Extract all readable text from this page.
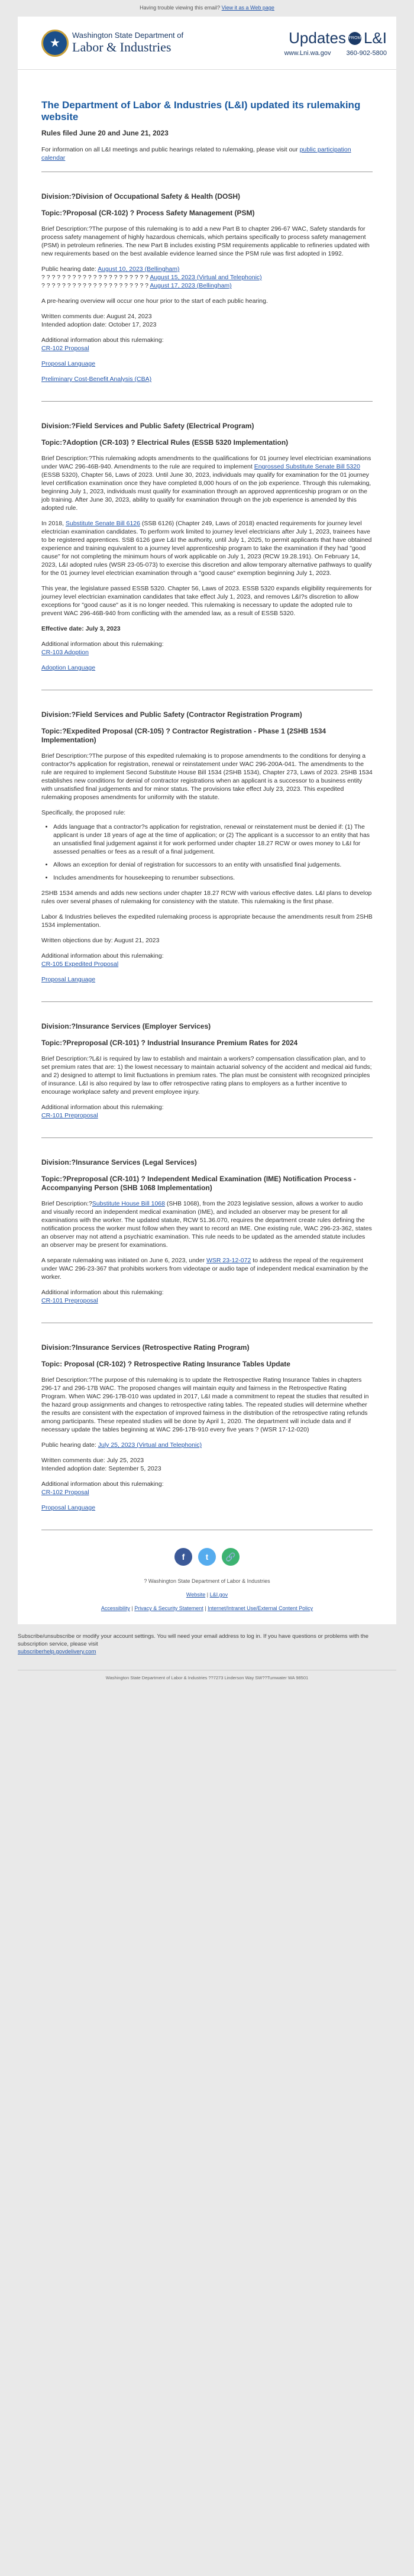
Having trouble viewing this email? View it as a Web page
★
Washington State Department of
Labor & Industries
Updates FROM L&I
www.Lni.wa.gov 360-902-5800
The Department of Labor & Industries (L&I) updated its rulemaking website
Rules filed June 20 and June 21, 2023

For information on all L&I meetings and public hearings related to rulemaking, please visit our public participation calendar

Division:?Division of Occupational Safety & Health (DOSH)
Topic:?Proposal (CR-102) ? Process Safety Management (PSM)

Brief Description:?The purpose of this rulemaking is to add a new Part B to chapter 296-67 WAC, Safety standards for process safety management of highly hazardous chemicals, which pertains specifically to process safety management (PSM) in petroleum refineries. The new Part B includes existing PSM requirements applicable to refineries updated with new requirements based on the best available evidence learned since the PSM rule was first adopted in 1992.

Public hearing date: August 10, 2023 (Bellingham)
? ? ? ? ? ? ? ? ? ? ? ? ? ? ? ? ? ? ? ? ? August 15, 2023 (Virtual and Telephonic)
? ? ? ? ? ? ? ? ? ? ? ? ? ? ? ? ? ? ? ? ? August 17, 2023 (Bellingham)

A pre-hearing overview will occur one hour prior to the start of each public hearing.

Written comments due: August 24, 2023

Intended adoption date: October 17, 2023

Additional information about this rulemaking:

CR-102 Proposal

Proposal Language

Preliminary Cost-Benefit Analysis (CBA)

Division:?Field Services and Public Safety (Electrical Program)
Topic:?Adoption (CR-103) ? Electrical Rules (ESSB 5320 Implementation)

Brief Description:?This rulemaking adopts amendments to the qualifications for 01 journey level electrician examinations under WAC 296-46B-940. Amendments to the rule are required to implement Engrossed Substitute Senate Bill 5320 (ESSB 5320), Chapter 56, Laws of 2023. Until June 30, 2023, individuals may qualify for examination for the 01 journey level certification examination once they have completed 8,000 hours of on the job experience. Through this rulemaking, beginning July 1, 2023, individuals must qualify for examination through an approved apprenticeship program or on the job training. After June 30, 2023, ability to qualify for examination through on the job experience is amended by this adopted rule.

In 2018, Substitute Senate Bill 6126 (SSB 6126) (Chapter 249, Laws of 2018) enacted requirements for journey level electrician examination candidates. To perform work limited to journey level electricians after July 1, 2023, trainees have to be registered apprentices. SSB 6126 gave L&I the authority, until July 1, 2025, to permit applicants that have obtained experience and training equivalent to a journey level apprenticeship program to take the examination if they had "good cause" for not completing the minimum hours of work applicable on July 1, 2023 (RCW 19.28.191). On February 14, 2023, L&I adopted rules (WSR 23-05-073) to exercise this discretion and allow temporary alternative pathways to qualify for the 01 journey level electrician examination through a "good cause" exemption beginning July 1, 2023.

This year, the legislature passed ESSB 5320. Chapter 56, Laws of 2023. ESSB 5320 expands eligibility requirements for journey level electrician examination candidates that take effect July 1, 2023, and removes L&I?s discretion to allow exceptions for "good cause" as it is no longer needed. This rulemaking is necessary to update the adopted rule to prevent WAC 296-46B-940 from conflicting with the amended law, as a result of ESSB 5320.

Effective date: July 3, 2023

Additional information about this rulemaking:

CR-103 Adoption

Adoption Language

Division:?Field Services and Public Safety (Contractor Registration Program)
Topic:?Expedited Proposal (CR-105) ? Contractor Registration - Phase 1 (2SHB 1534 Implementation)

Brief Description:?The purpose of this expedited rulemaking is to propose amendments to the conditions for denying a contractor?s application for registration, renewal or reinstatement under WAC 296-200A-041. The amendments to the rule are required to implement Second Substitute House Bill 1534 (2SHB 1534), Chapter 273, Laws of 2023. 2SHB 1534 establishes new conditions for denial of contractor registrations when an applicant is a successor to a business entity with unsatisfied final judgements and for minor status. The provisions take effect July 23, 2023. This expedited rulemaking proposes amendments for uniformity with the statute.

Specifically, the proposed rule:

• Adds language that a contractor?s application for registration, renewal or reinstatement must be denied if: (1) The applicant is under 18 years of age at the time of application; or (2) The applicant is a successor to an entity that has an unsatisfied final judgement against it for work performed under chapter 18.27 RCW or owes money to L&I for assessed penalties or fees as a result of a final judgement.
• Allows an exception for denial of registration for successors to an entity with unsatisfied final judgements.
• Includes amendments for housekeeping to renumber subsections.

2SHB 1534 amends and adds new sections under chapter 18.27 RCW with various effective dates. L&I plans to develop rules over several phases of rulemaking for consistency with the statute. This rulemaking is the first phase.

Labor & Industries believes the expedited rulemaking process is appropriate because the amendments result from 2SHB 1534 implementation.

Written objections due by: August 21, 2023

Additional information about this rulemaking:

CR-105 Expedited Proposal

Proposal Language

Division:?Insurance Services (Employer Services)
Topic:?Preproposal (CR-101) ? Industrial Insurance Premium Rates for 2024

Brief Description:?L&I is required by law to establish and maintain a workers? compensation classification plan, and to set premium rates that are: 1) the lowest necessary to maintain actuarial solvency of the accident and medical aid funds; and 2) designed to attempt to limit fluctuations in premium rates. The plan must be consistent with recognized principles of insurance. L&I is also required by law to offer retrospective rating plans to employers as a further incentive to encourage workplace safety and prevent employee injury.

Additional information about this rulemaking:

CR-101 Preproposal

Division:?Insurance Services (Legal Services)
Topic:?Preproposal (CR-101) ? Independent Medical Examination (IME) Notification Process - Accompanying Person (SHB 1068 Implementation)

Brief Description:?Substitute House Bill 1068 (SHB 1068), from the 2023 legislative session, allows a worker to audio and visually record an independent medical examination (IME), and included an observer may be present for all examinations with the worker. The updated statute, RCW 51.36.070, requires the department create rules defining the notification process the worker must follow when they want to record an IME. One existing rule, WAC 296-23-362, states an observer may not attend a psychiatric examination. This rule needs to be updated as the amended statute includes an observer may be present for examinations.

A separate rulemaking was initiated on June 6, 2023, under WSR 23-12-072 to address the repeal of the requirement under WAC 296-23-367 that prohibits workers from videotape or audio tape of independent medical examination by the worker.

Additional information about this rulemaking:

CR-101 Preproposal

Division:?Insurance Services (Retrospective Rating Program)
Topic: Proposal (CR-102) ? Retrospective Rating Insurance Tables Update

Brief Description:?The purpose of this rulemaking is to update the Retrospective Rating Insurance Tables in chapters 296-17 and 296-17B WAC. The proposed changes will maintain equity and fairness in the Retrospective Rating Program. When WAC 296-17B-010 was updated in 2017, L&I made a commitment to repeat the studies that resulted in the hazard group assignments and changes to retrospective rating tables. The repeated studies will determine whether the results are consistent with the expectation of improved fairness in the distribution of the retrospective rating refunds among participants. These repeated studies will be done by April 1, 2020. The department will include data and if necessary update the tables beginning at WAC 296-17B-910 every five years ? (WSR 17-12-020)

Public hearing date: July 25, 2023 (Virtual and Telephonic)

Written comments due: July 25, 2023

Intended adoption date: September 5, 2023

Additional information about this rulemaking:

CR-102 Proposal

Proposal Language

f	t	🔗

? Washington State Department of Labor & Industries

Website | L&I.gov

Accessibility | Privacy & Security Statement | Internet/Intranet Use/External Content Policy

Subscribe/unsubscribe or modify your account settings. You will need your email address to log in. If you have questions or problems with the subscription service, please visit
subscriberhelp.govdelivery.com
Washington State Department of Labor & Industries ??7273 Linderson Way SW??Tumwater WA 98501
